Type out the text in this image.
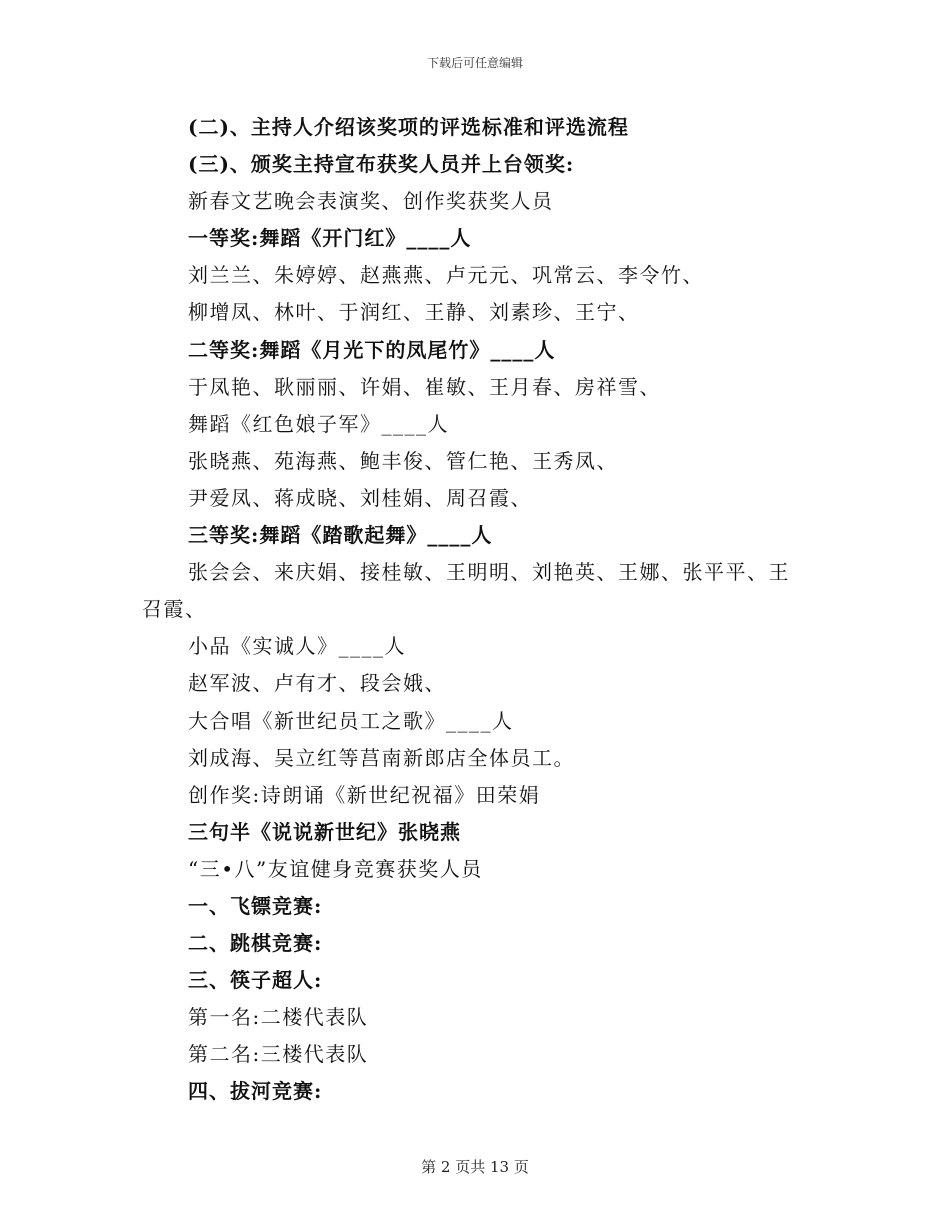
下载后可任意编辑
(二)、主持人介绍该奖项的评选标准和评选流程
(三)、颁奖主持宣布获奖人员并上台领奖:
新春文艺晚会表演奖、创作奖获奖人员
一等奖:舞蹈《开门红》____人
刘兰兰、朱婷婷、赵燕燕、卢元元、巩常云、李令竹、
柳增凤、林叶、于润红、王静、刘素珍、王宁、
二等奖:舞蹈《月光下的凤尾竹》____人
于凤艳、耿丽丽、许娟、崔敏、王月春、房祥雪、
舞蹈《红色娘子军》____人
张晓燕、苑海燕、鲍丰俊、管仁艳、王秀凤、
尹爱凤、蒋成晓、刘桂娟、周召霞、
三等奖:舞蹈《踏歌起舞》____人
张会会、来庆娟、接桂敏、王明明、刘艳英、王娜、张平平、王召霞、
小品《实诚人》____人
赵军波、卢有才、段会娥、
大合唱《新世纪员工之歌》____人
刘成海、吴立红等莒南新郎店全体员工。
创作奖:诗朗诵《新世纪祝福》田荣娟
三句半《说说新世纪》张晓燕
“三•八”友谊健身竞赛获奖人员
一、飞镖竞赛:
二、跳棋竞赛:
三、筷子超人:
第一名:二楼代表队
第二名:三楼代表队
四、拔河竞赛:
第 2 页共 13 页
